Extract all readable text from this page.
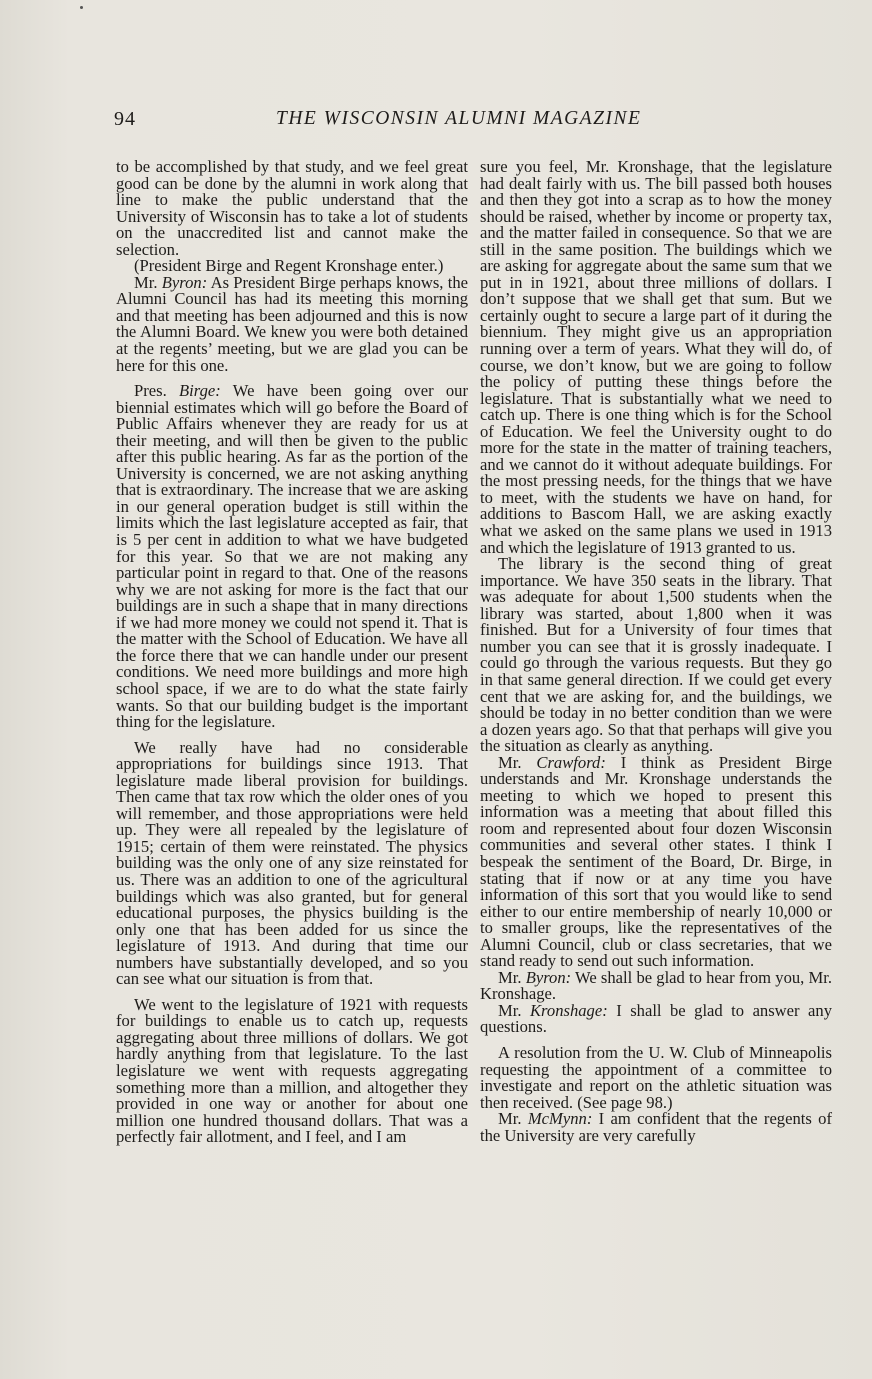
94	THE WISCONSIN ALUMNI MAGAZINE

to be accomplished by that study, and we feel great good can be done by the alumni in work along that line to make the public understand that the University of Wisconsin has to take a lot of students on the unaccredited list and cannot make the selection.

(President Birge and Regent Kronshage enter.)

Mr. Byron: As President Birge perhaps knows, the Alumni Council has had its meeting this morning and that meeting has been adjourned and this is now the Alumni Board. We knew you were both detained at the regents’ meeting, but we are glad you can be here for this one.

Pres. Birge: We have been going over our biennial estimates which will go before the Board of Public Affairs whenever they are ready for us at their meeting, and will then be given to the public after this public hearing. As far as the portion of the University is concerned, we are not asking anything that is extraordinary. The increase that we are asking in our general operation budget is still within the limits which the last legislature accepted as fair, that is 5 per cent in addition to what we have budgeted for this year. So that we are not making any particular point in regard to that. One of the reasons why we are not asking for more is the fact that our buildings are in such a shape that in many directions if we had more money we could not spend it. That is the matter with the School of Education. We have all the force there that we can handle under our present conditions. We need more buildings and more high school space, if we are to do what the state fairly wants. So that our building budget is the important thing for the legislature.

We really have had no considerable appropriations for buildings since 1913. That legislature made liberal provision for buildings. Then came that tax row which the older ones of you will remember, and those appropriations were held up. They were all repealed by the legislature of 1915; certain of them were reinstated. The physics building was the only one of any size reinstated for us. There was an addition to one of the agricultural buildings which was also granted, but for general educational purposes, the physics building is the only one that has been added for us since the legislature of 1913. And during that time our numbers have substantially developed, and so you can see what our situation is from that.

We went to the legislature of 1921 with requests for buildings to enable us to catch up, requests aggregating about three millions of dollars. We got hardly anything from that legislature. To the last legislature we went with requests aggregating something more than a million, and altogether they provided in one way or another for about one million one hundred thousand dollars. That was a perfectly fair allotment, and I feel, and I am

sure you feel, Mr. Kronshage, that the legislature had dealt fairly with us. The bill passed both houses and then they got into a scrap as to how the money should be raised, whether by income or property tax, and the matter failed in consequence. So that we are still in the same position. The buildings which we are asking for aggregate about the same sum that we put in in 1921, about three millions of dollars. I don’t suppose that we shall get that sum. But we certainly ought to secure a large part of it during the biennium. They might give us an appropriation running over a term of years. What they will do, of course, we don’t know, but we are going to follow the policy of putting these things before the legislature. That is substantially what we need to catch up. There is one thing which is for the School of Education. We feel the University ought to do more for the state in the matter of training teachers, and we cannot do it without adequate buildings. For the most pressing needs, for the things that we have to meet, with the students we have on hand, for additions to Bascom Hall, we are asking exactly what we asked on the same plans we used in 1913 and which the legislature of 1913 granted to us.

The library is the second thing of great importance. We have 350 seats in the library. That was adequate for about 1,500 students when the library was started, about 1,800 when it was finished. But for a University of four times that number you can see that it is grossly inadequate. I could go through the various requests. But they go in that same general direction. If we could get every cent that we are asking for, and the buildings, we should be today in no better condition than we were a dozen years ago. So that that perhaps will give you the situation as clearly as anything.

Mr. Crawford: I think as President Birge understands and Mr. Kronshage understands the meeting to which we hoped to present this information was a meeting that about filled this room and represented about four dozen Wisconsin communities and several other states. I think I bespeak the sentiment of the Board, Dr. Birge, in stating that if now or at any time you have information of this sort that you would like to send either to our entire membership of nearly 10,000 or to smaller groups, like the representatives of the Alumni Council, club or class secretaries, that we stand ready to send out such information.

Mr. Byron: We shall be glad to hear from you, Mr. Kronshage.

Mr. Kronshage: I shall be glad to answer any questions.

A resolution from the U. W. Club of Minneapolis requesting the appointment of a committee to investigate and report on the athletic situation was then received. (See page 98.)

Mr. McMynn: I am confident that the regents of the University are very carefully
